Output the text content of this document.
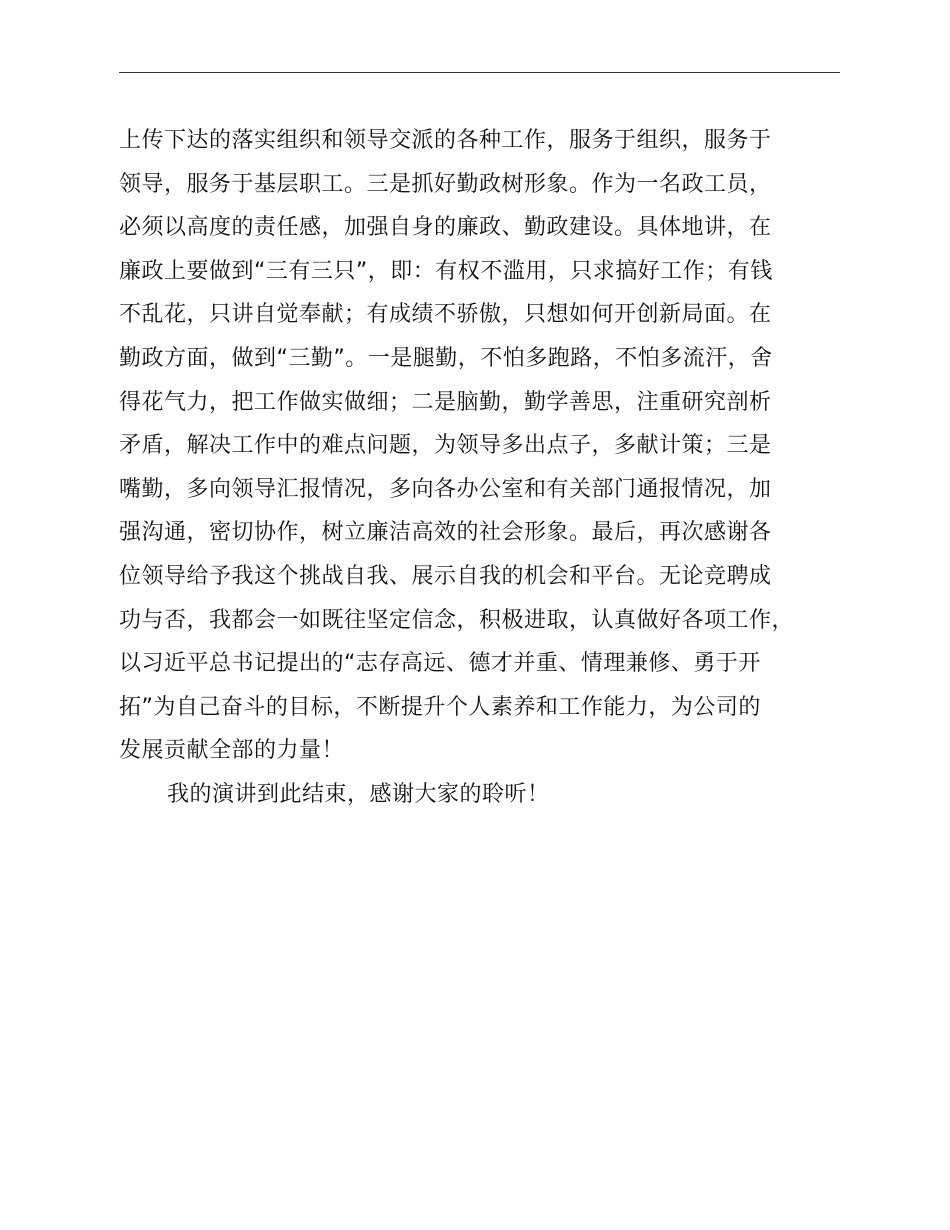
上传下达的落实组织和领导交派的各种工作，服务于组织，服务于
领导，服务于基层职工。三是抓好勤政树形象。作为一名政工员，
必须以高度的责任感，加强自身的廉政、勤政建设。具体地讲，在
廉政上要做到“三有三只”，即：有权不滥用，只求搞好工作；有钱
不乱花，只讲自觉奉献；有成绩不骄傲，只想如何开创新局面。在
勤政方面，做到“三勤”。一是腿勤，不怕多跑路，不怕多流汗，舍
得花气力，把工作做实做细；二是脑勤，勤学善思，注重研究剖析
矛盾，解决工作中的难点问题，为领导多出点子，多献计策；三是
嘴勤，多向领导汇报情况，多向各办公室和有关部门通报情况，加
强沟通，密切协作，树立廉洁高效的社会形象。最后，再次感谢各
位领导给予我这个挑战自我、展示自我的机会和平台。无论竞聘成
功与否，我都会一如既往坚定信念，积极进取，认真做好各项工作，
以习近平总书记提出的“志存高远、德才并重、情理兼修、勇于开
拓”为自己奋斗的目标，不断提升个人素养和工作能力，为公司的
发展贡献全部的力量！
我的演讲到此结束，感谢大家的聆听！
